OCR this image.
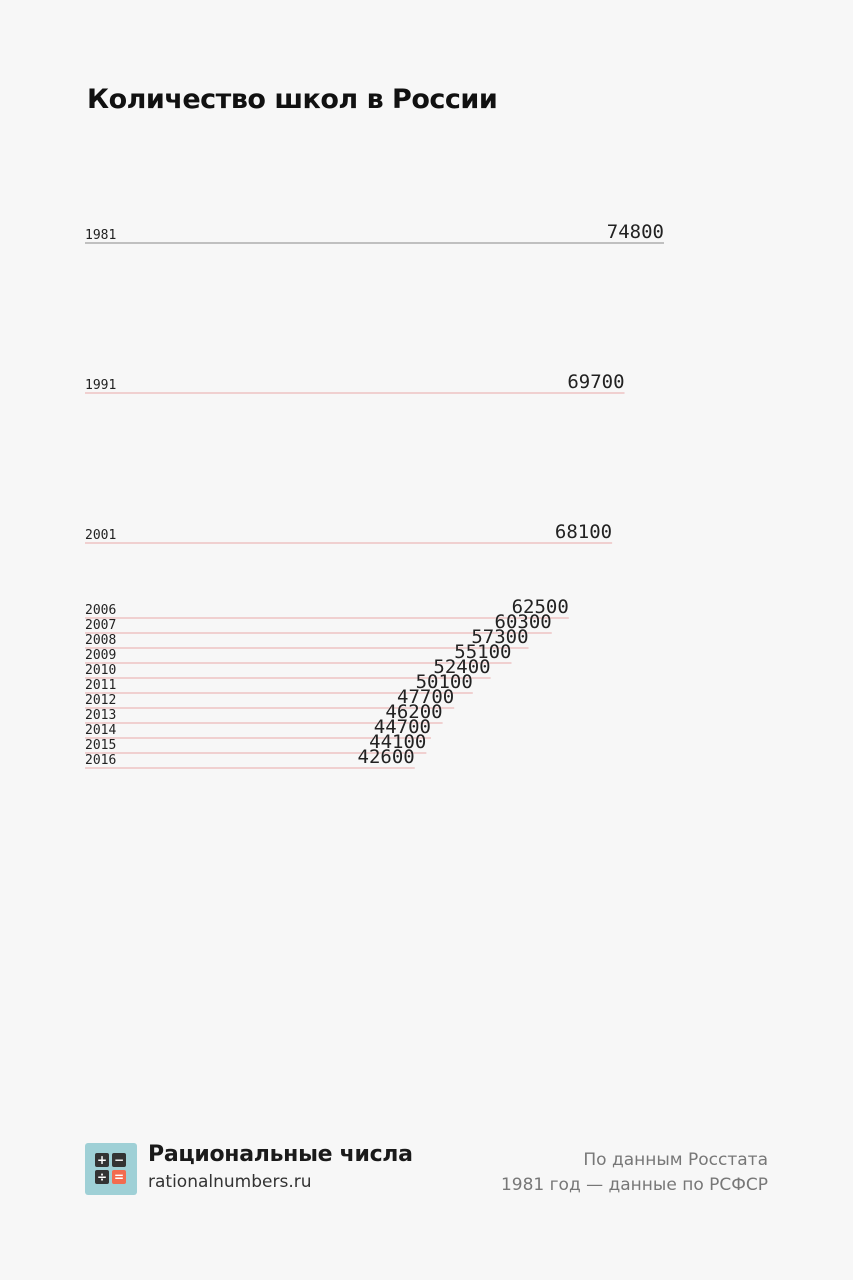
Количество школ в России
1981	74800
1991	69700
2001	68100
2006	62500
2007	60300
2008	57300
2009	55100
2010	52400
2011	50100
2012	47700
2013	46200
2014	44700
2015	44100
2016	42600
+ −
÷ =
Рациональные числа
rationalnumbers.ru
По данным Росстата
1981 год — данные по РСФСР
